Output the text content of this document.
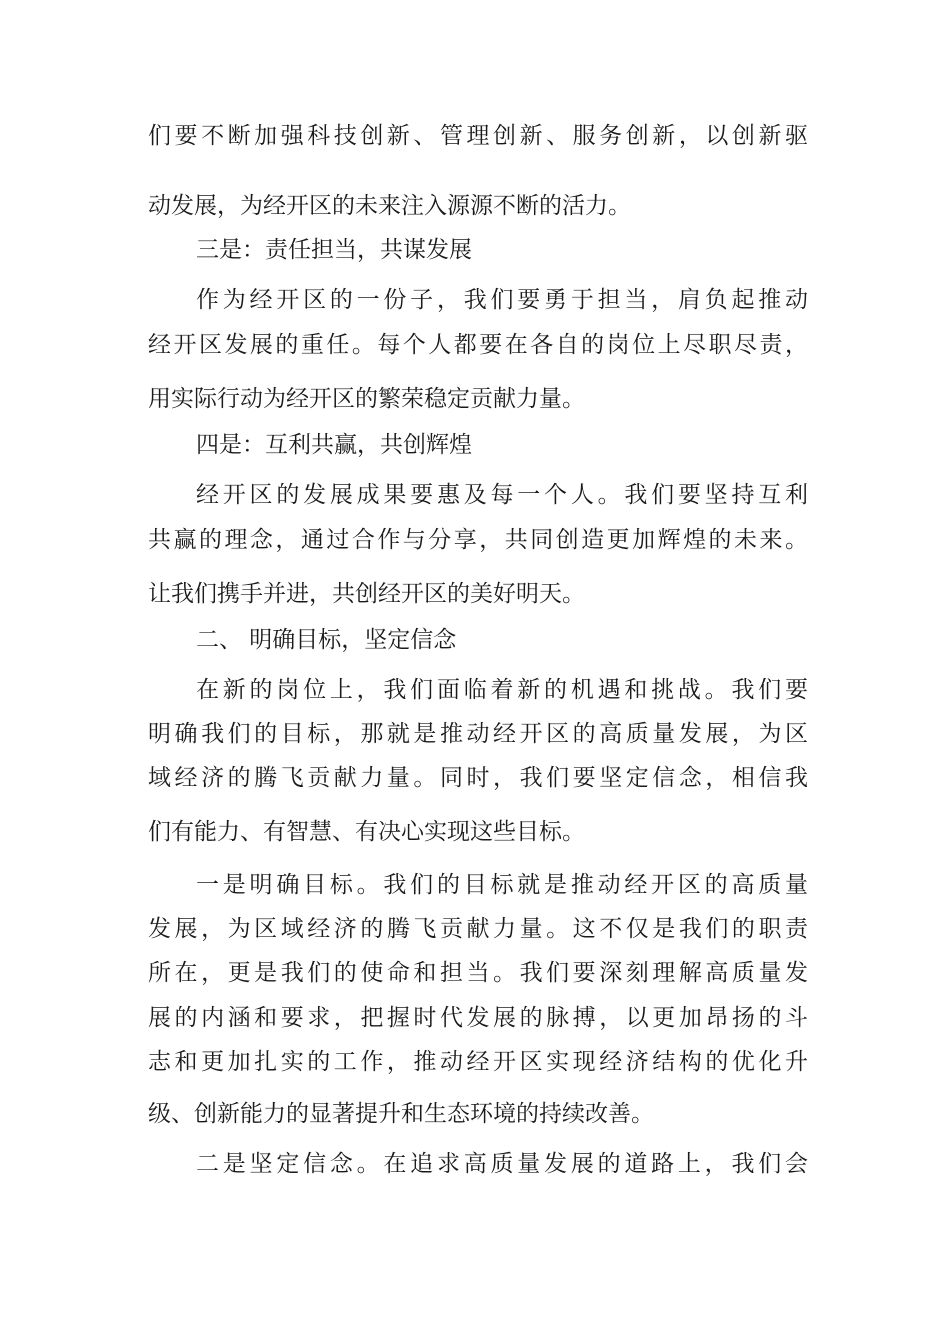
们要不断加强科技创新、管理创新、服务创新，以创新驱
动发展，为经开区的未来注入源源不断的活力。
三是：责任担当，共谋发展
作为经开区的一份子，我们要勇于担当，肩负起推动
经开区发展的重任。每个人都要在各自的岗位上尽职尽责，
用实际行动为经开区的繁荣稳定贡献力量。
四是：互利共赢，共创辉煌
经开区的发展成果要惠及每一个人。我们要坚持互利
共赢的理念，通过合作与分享，共同创造更加辉煌的未来。
让我们携手并进，共创经开区的美好明天。
二、 明确目标，坚定信念
在新的岗位上，我们面临着新的机遇和挑战。我们要
明确我们的目标，那就是推动经开区的高质量发展，为区
域经济的腾飞贡献力量。同时，我们要坚定信念，相信我
们有能力、有智慧、有决心实现这些目标。
一是明确目标。我们的目标就是推动经开区的高质量
发展，为区域经济的腾飞贡献力量。这不仅是我们的职责
所在，更是我们的使命和担当。我们要深刻理解高质量发
展的内涵和要求，把握时代发展的脉搏，以更加昂扬的斗
志和更加扎实的工作，推动经开区实现经济结构的优化升
级、创新能力的显著提升和生态环境的持续改善。
二是坚定信念。在追求高质量发展的道路上，我们会
